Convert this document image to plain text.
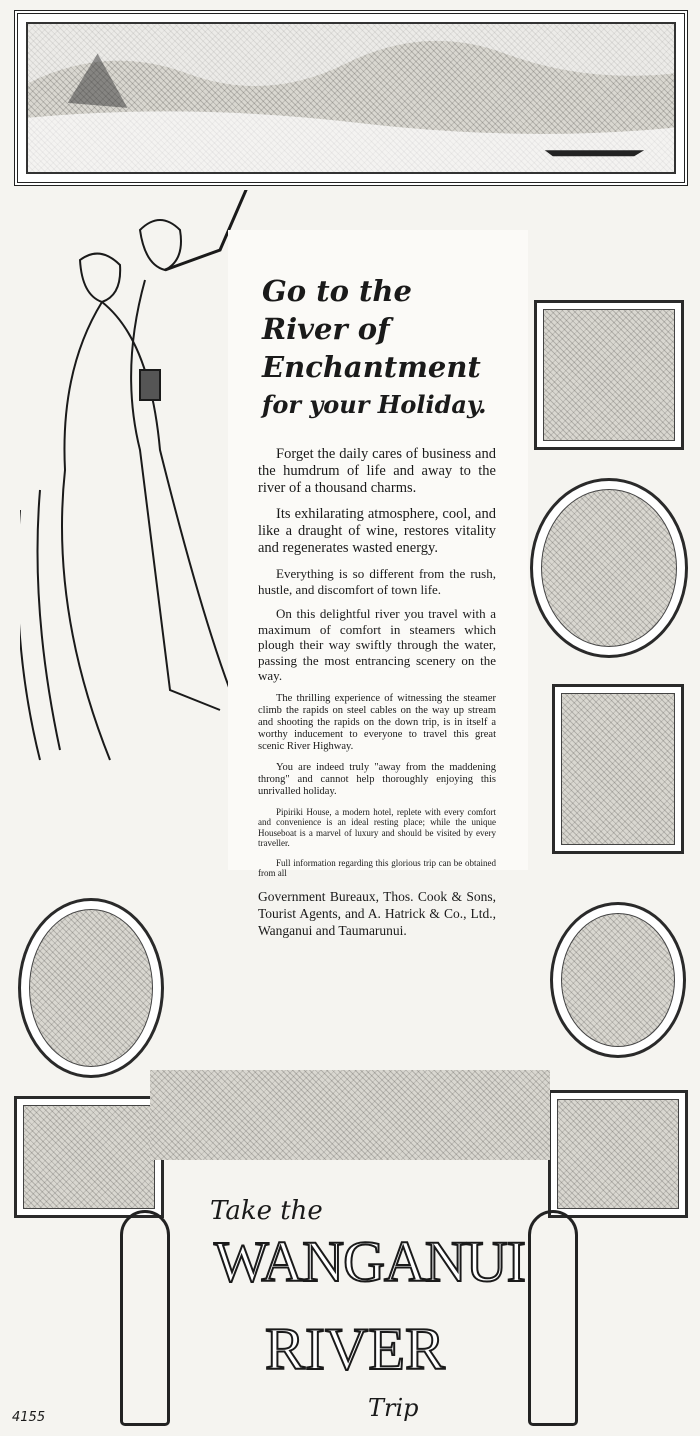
Go to the
River of
Enchantment
for your Holiday.

Forget the daily cares of business and the humdrum of life and away to the river of a thousand charms.

Its exhilarating atmosphere, cool, and like a draught of wine, restores vitality and regenerates wasted energy.

Everything is so different from the rush, hustle, and discomfort of town life.

On this delightful river you travel with a maximum of comfort in steamers which plough their way swiftly through the water, passing the most entrancing scenery on the way.

The thrilling experience of witnessing the steamer climb the rapids on steel cables on the way up stream and shooting the rapids on the down trip, is in itself a worthy inducement to everyone to travel this great scenic River Highway.

You are indeed truly "away from the maddening throng" and cannot help thoroughly enjoying this unrivalled holiday.

Pipiriki House, a modern hotel, replete with every comfort and convenience is an ideal resting place; while the unique Houseboat is a marvel of luxury and should be visited by every traveller.

Full information regarding this glorious trip can be obtained from all

Government Bureaux, Thos. Cook & Sons, Tourist Agents, and A. Hatrick & Co., Ltd., Wanganui and Taumarunui.

Take the
WANGANUI
RIVER
Trip
4155
